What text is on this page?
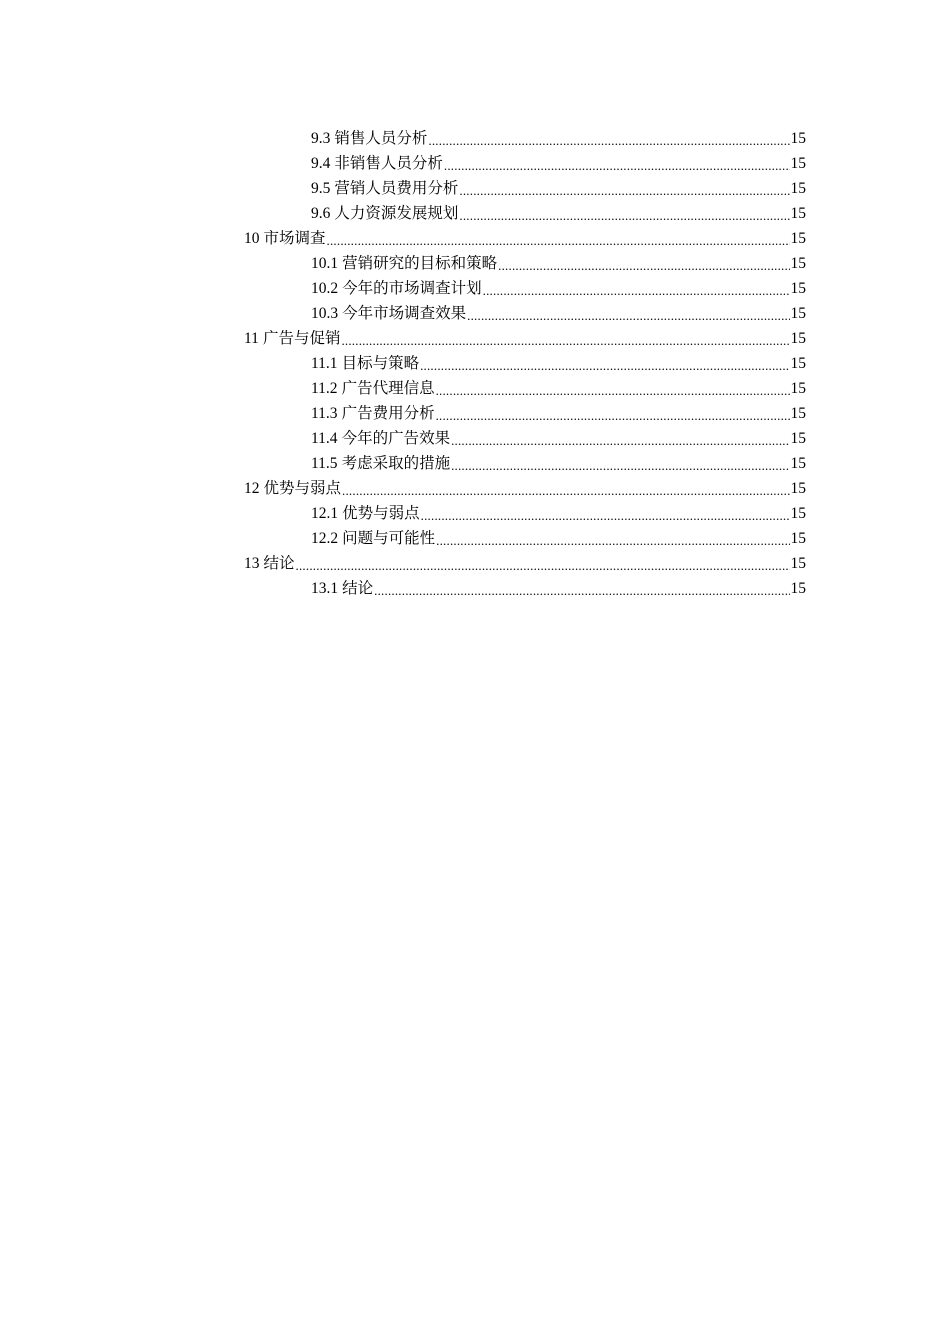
9.3 销售人员分析 .....	15
9.4 非销售人员分析 .....	15
9.5 营销人员费用分析 .....	15
9.6 人力资源发展规划 .....	15
10 市场调查 .....	15
10.1 营销研究的目标和策略 .....	15
10.2 今年的市场调查计划 .....	15
10.3 今年市场调查效果 .....	15
11 广告与促销 .....	15
11.1 目标与策略 .....	15
11.2 广告代理信息 .....	15
11.3 广告费用分析 .....	15
11.4 今年的广告效果 .....	15
11.5 考虑采取的措施 .....	15
12 优势与弱点 .....	15
12.1 优势与弱点 .....	15
12.2 问题与可能性 .....	15
13 结论 .....	15
13.1 结论 .....	15
